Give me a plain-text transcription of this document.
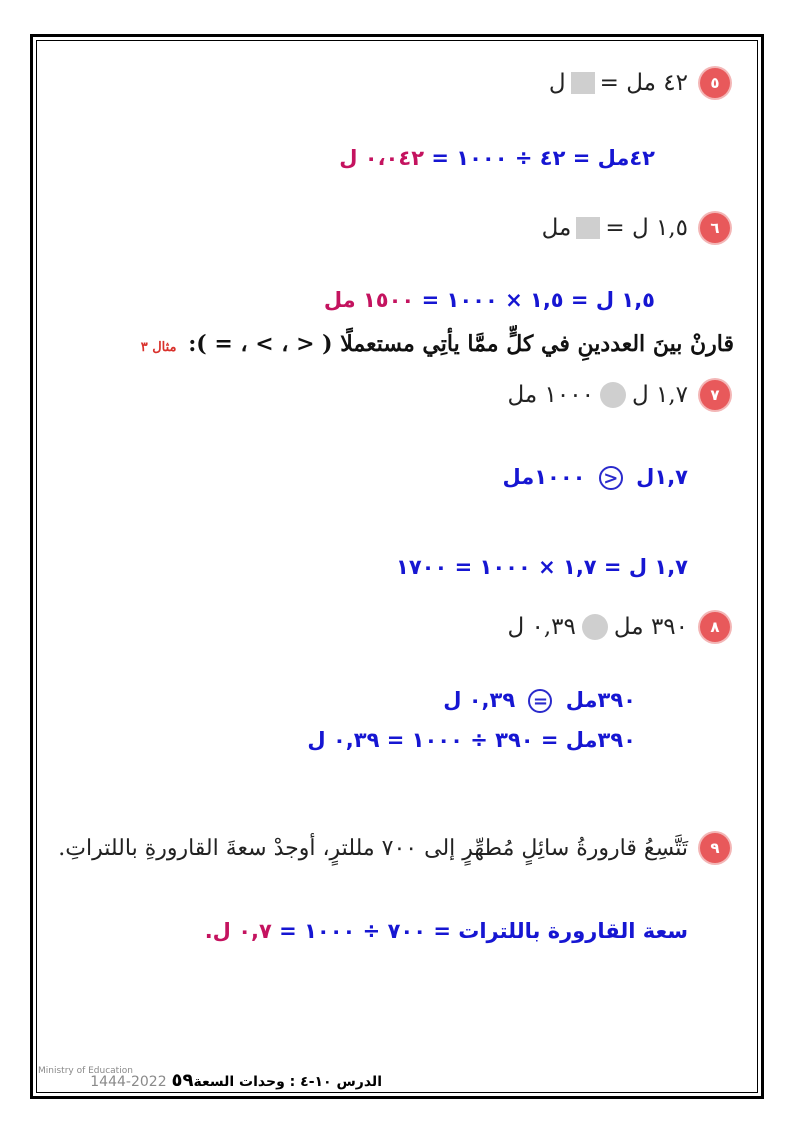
٥
٤٢ مل =
ل
٤٢مل = ٤٢ ÷ ١٠٠٠ = ٠،٠٤٢ ل
٦
١,٥ ل =
مل
١,٥ ل = ١,٥ × ١٠٠٠ = ١٥٠٠ مل
قارنْ بينَ العددينِ في كلٍّ ممَّا يأتِي مستعملًا ( < ، > ، = ): مثال ٣
٧
١,٧ ل
١٠٠٠ مل
١,٧ل < ١٠٠٠مل
١,٧ ل = ١,٧ × ١٠٠٠ = ١٧٠٠
٨
٣٩٠ مل
٠,٣٩ ل
٣٩٠مل = ٠,٣٩ ل
٣٩٠مل = ٣٩٠ ÷ ١٠٠٠ = ٠,٣٩ ل
٩
تَتَّسِعُ قارورةُ سائِلٍ مُطهِّرٍ إلى ٧٠٠ مللترٍ، أوجدْ سعةَ القارورةِ باللتراتِ.
سعة القارورة باللترات = ٧٠٠ ÷ ١٠٠٠ = ٠,٧ ل.
Ministry of Education
الدرس ١٠-٤ : وحدات السعة٥٩ 2022-1444
